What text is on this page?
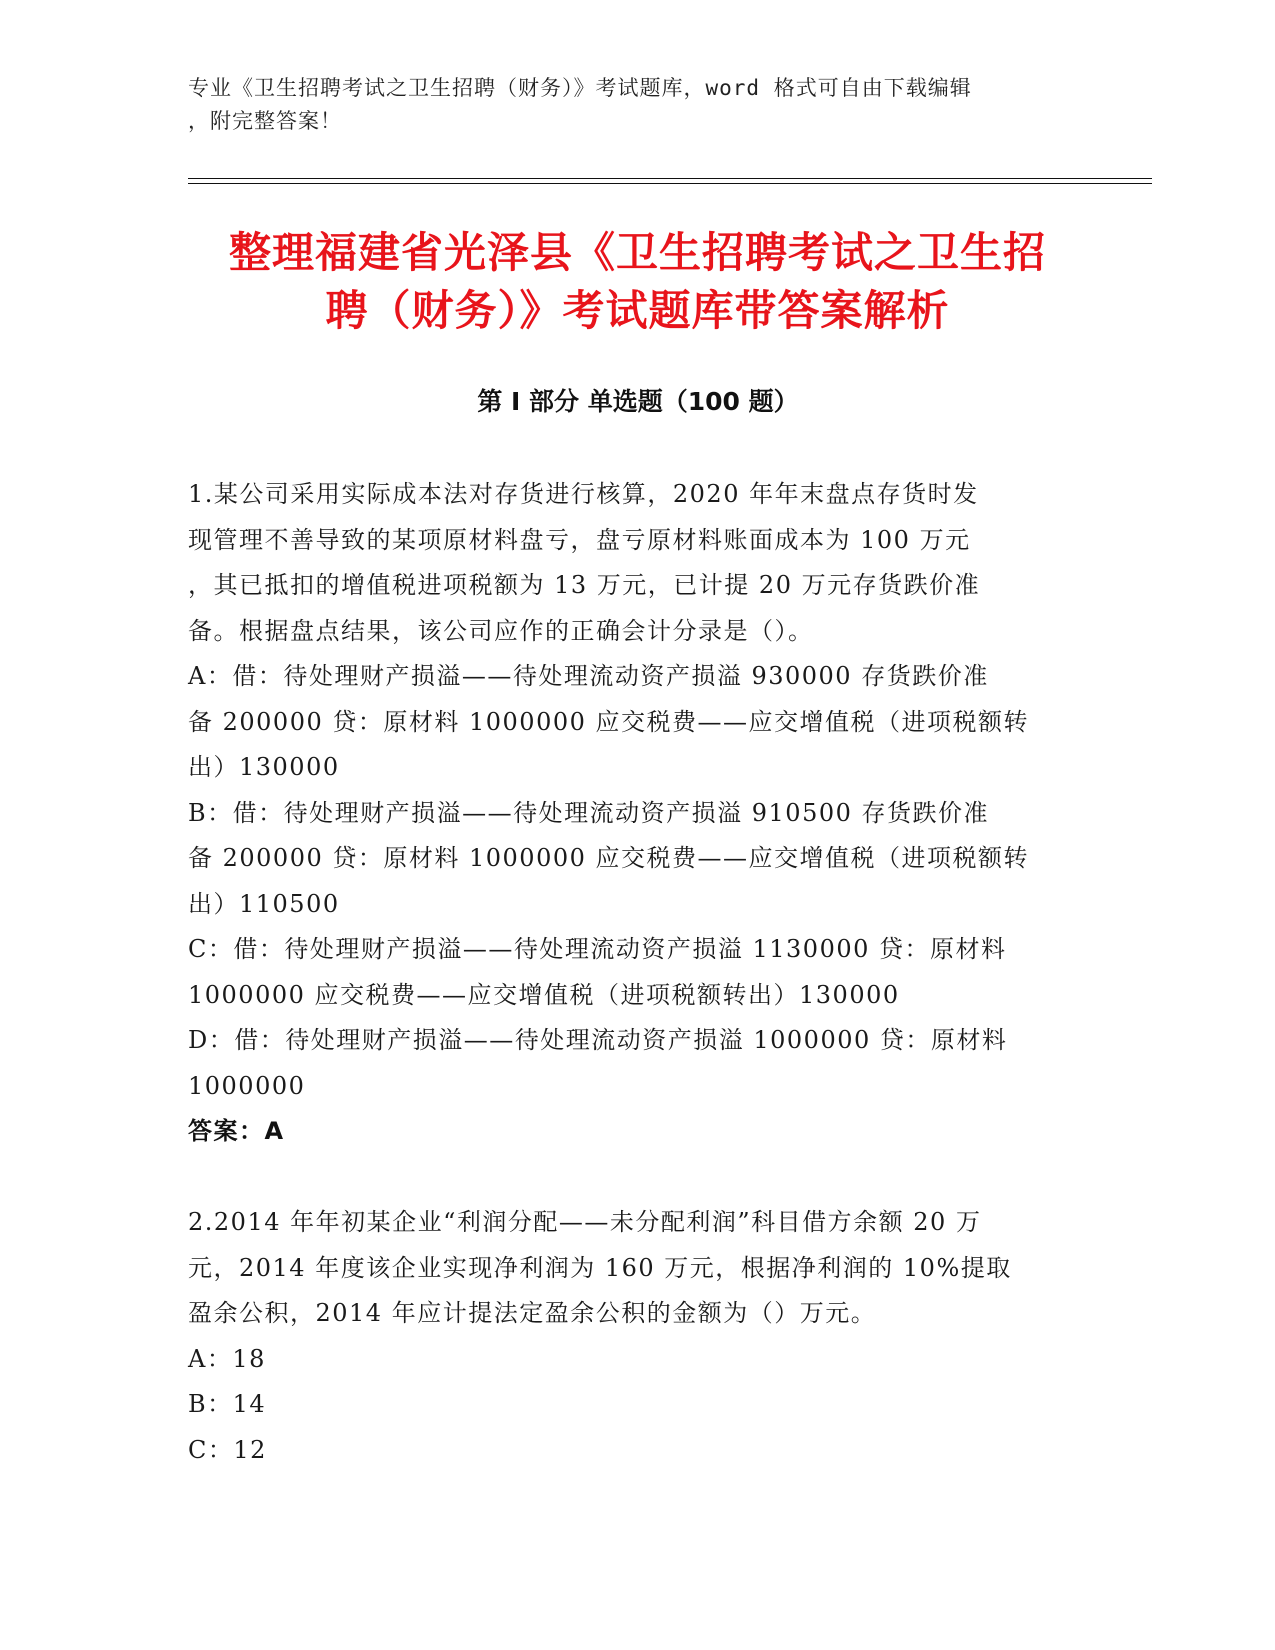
专业《卫生招聘考试之卫生招聘（财务）》考试题库，word 格式可自由下载编辑
，附完整答案！
整理福建省光泽县《卫生招聘考试之卫生招
聘（财务）》考试题库带答案解析
第 I 部分 单选题（100 题）
1.某公司采用实际成本法对存货进行核算，2020 年年末盘点存货时发
现管理不善导致的某项原材料盘亏，盘亏原材料账面成本为 100 万元
，其已抵扣的增值税进项税额为 13 万元，已计提 20 万元存货跌价准
备。根据盘点结果，该公司应作的正确会计分录是（）。
A：借：待处理财产损溢——待处理流动资产损溢 930000 存货跌价准
备 200000 贷：原材料 1000000 应交税费——应交增值税（进项税额转
出）130000
B：借：待处理财产损溢——待处理流动资产损溢 910500 存货跌价准
备 200000 贷：原材料 1000000 应交税费——应交增值税（进项税额转
出）110500
C：借：待处理财产损溢——待处理流动资产损溢 1130000 贷：原材料
1000000 应交税费——应交增值税（进项税额转出）130000
D：借：待处理财产损溢——待处理流动资产损溢 1000000 贷：原材料
1000000
答案：A
2.2014 年年初某企业“利润分配——未分配利润”科目借方余额 20 万
元，2014 年度该企业实现净利润为 160 万元，根据净利润的 10%提取
盈余公积，2014 年应计提法定盈余公积的金额为（）万元。
A：18
B：14
C：12
